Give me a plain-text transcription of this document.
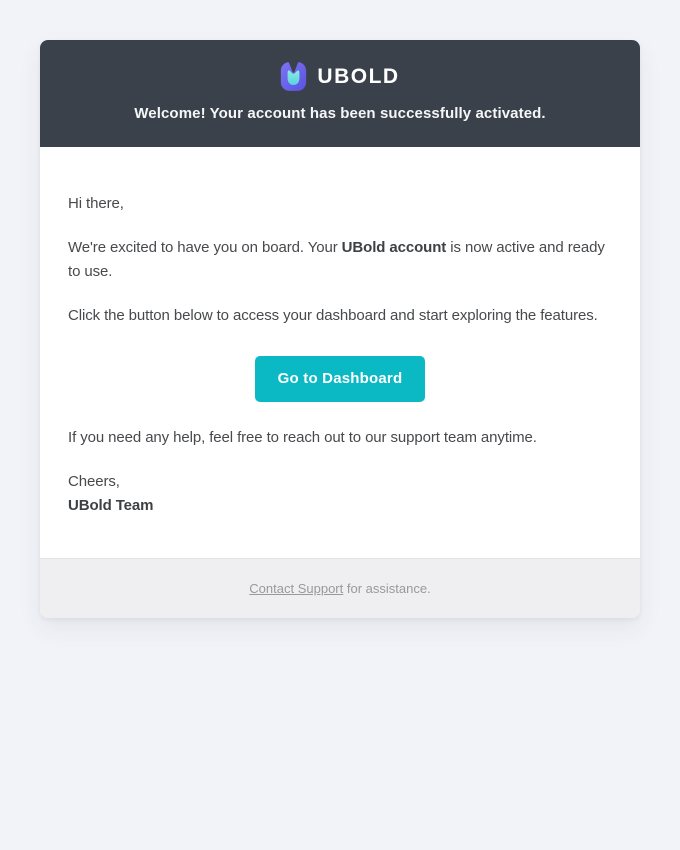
UBOLD
Welcome! Your account has been successfully activated.

Hi there,

We're excited to have you on board. Your UBold account is now active and ready to use.

Click the button below to access your dashboard and start exploring the features.

Go to Dashboard

If you need any help, feel free to reach out to our support team anytime.

Cheers,

UBold Team

Contact Support for assistance.
